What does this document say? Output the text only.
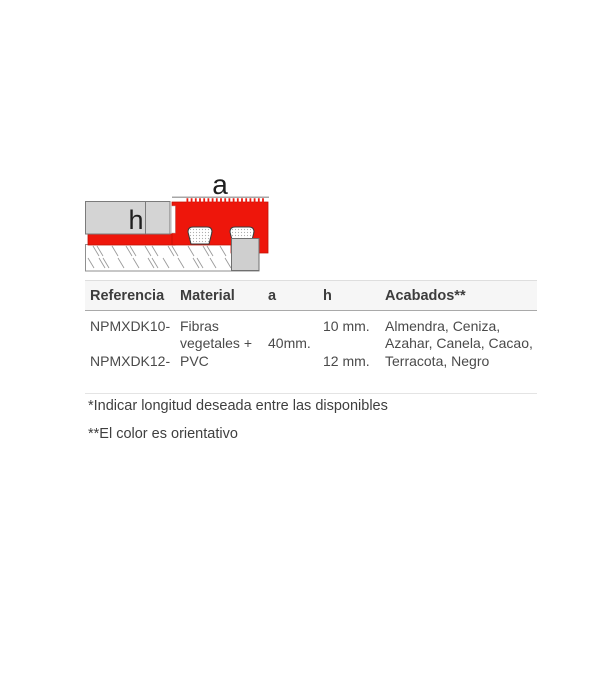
h
a
Referencia	Material	a	h	Acabados**
NPMXDK10-	Fibras		10 mm.	Almendra, Ceniza,
	vegetales +	40mm.		Azahar, Canela, Cacao,
NPMXDK12-	PVC		12 mm.	Terracota, Negro

*Indicar longitud deseada entre las disponibles

**El color es orientativo
